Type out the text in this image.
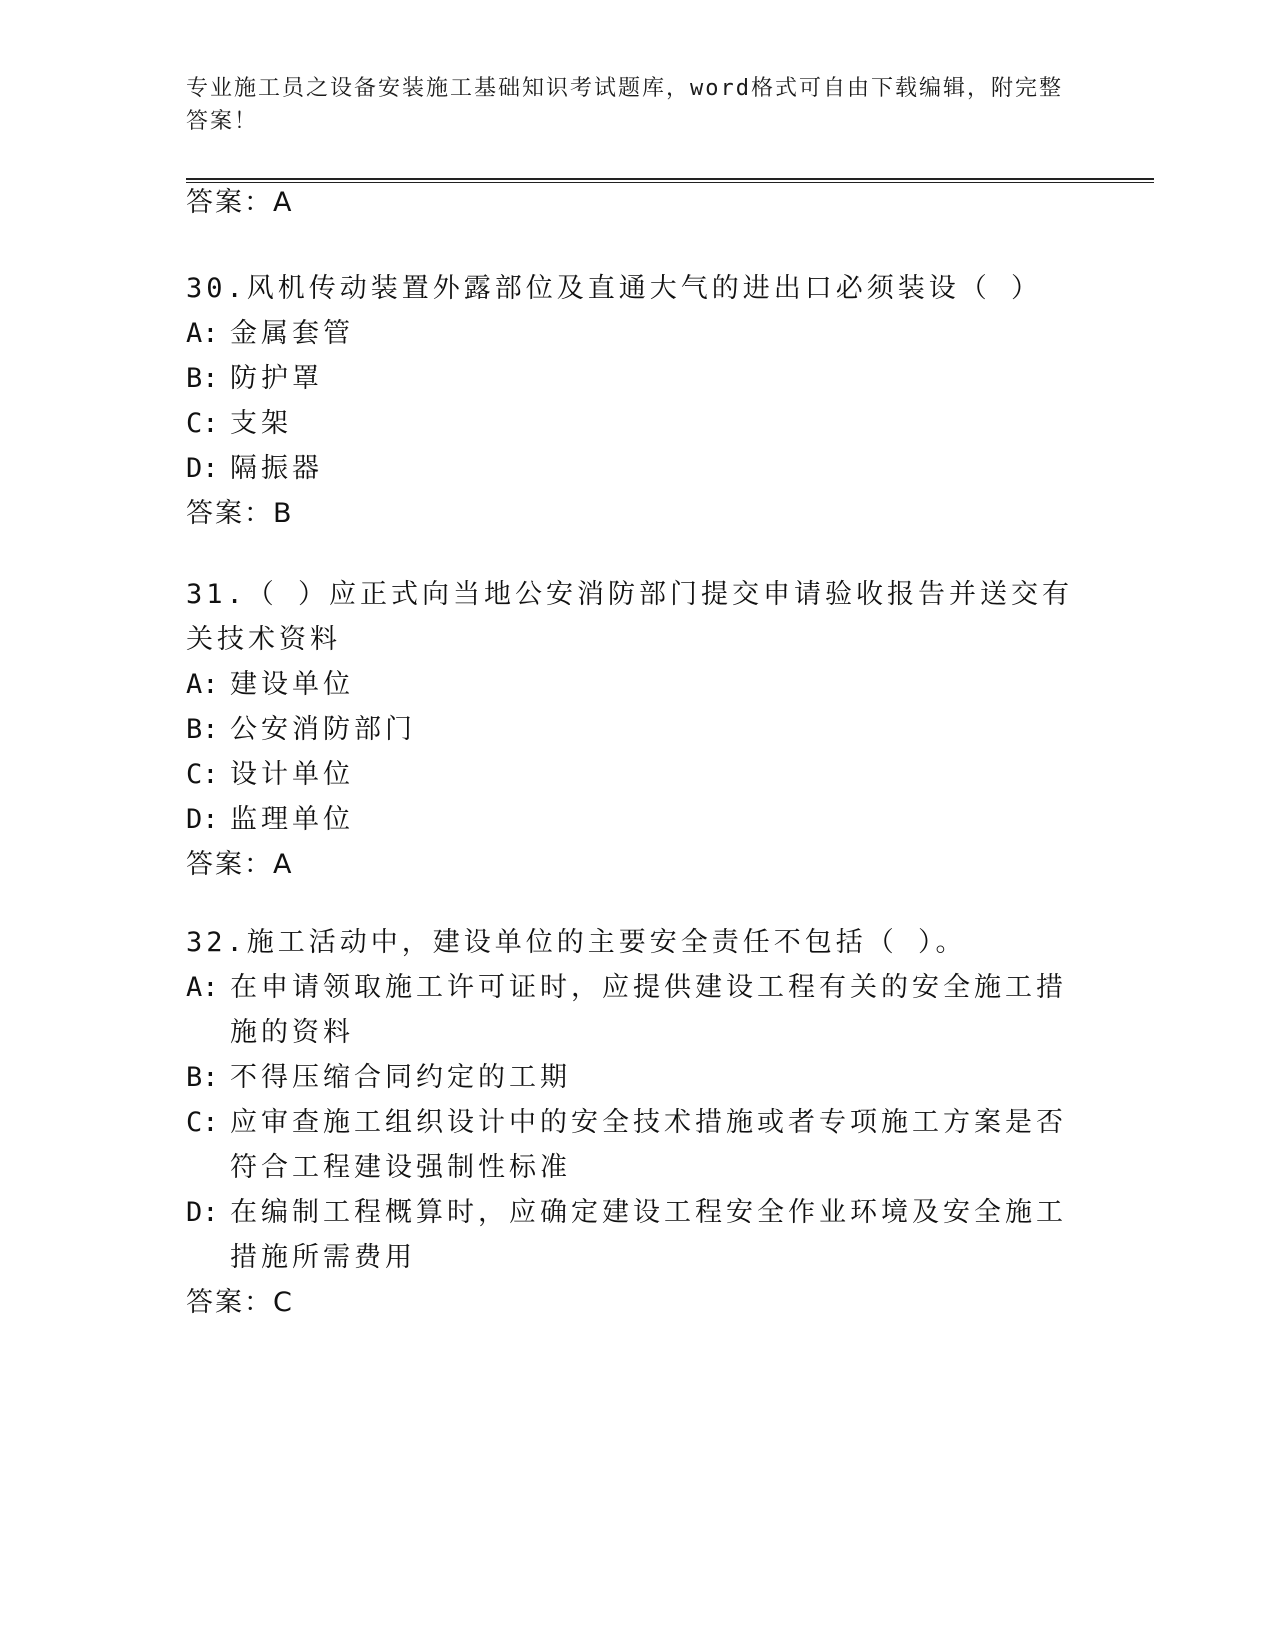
专业施工员之设备安装施工基础知识考试题库，word格式可自由下载编辑，附完整答案！
答案：A
30.风机传动装置外露部位及直通大气的进出口必须装设（ ）
A: 金属套管
B: 防护罩
C: 支架
D: 隔振器
答案：B
31.（ ）应正式向当地公安消防部门提交申请验收报告并送交有关技术资料
A: 建设单位
B: 公安消防部门
C: 设计单位
D: 监理单位
答案：A
32.施工活动中，建设单位的主要安全责任不包括（ ）。
A: 在申请领取施工许可证时，应提供建设工程有关的安全施工措施的资料
B: 不得压缩合同约定的工期
C: 应审查施工组织设计中的安全技术措施或者专项施工方案是否符合工程建设强制性标准
D: 在编制工程概算时，应确定建设工程安全作业环境及安全施工措施所需费用
答案：C
